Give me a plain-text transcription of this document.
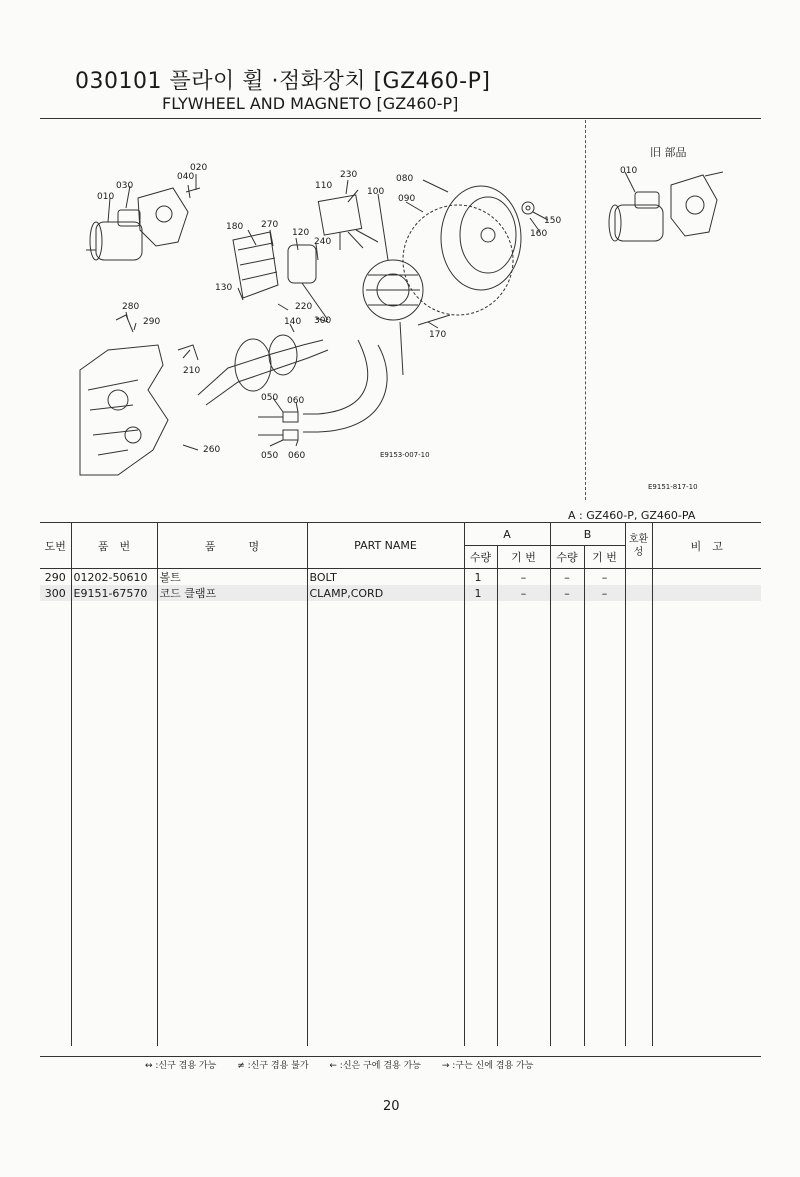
030101 플라이 휠 ·점화장치 [GZ460-P]
FLYWHEEL AND MAGNETO [GZ460-P]
020
040
030
010
230
110
080
100
090
180 270
120
240
150
160
130
220
140 300
280
290
170
210
050 060
050 060
260	E9153-007-10
旧 部品
010
E9151-817-10
A : GZ460-P, GZ460-PA
도번	품　번	품　　　명	PART NAME	A		B		호환성	비　고
				수량	기 번	수량	기 번		
290	01202-50610	볼트	BOLT	1	–	–	–		
300	E9151-67570	코드 클램프	CLAMP,CORD	1	–	–	–		

↔ :신구 겸용 가능 ≠ :신구 겸용 불가 ← :신은 구에 겸용 가능 → :구는 신에 겸용 가능
20
